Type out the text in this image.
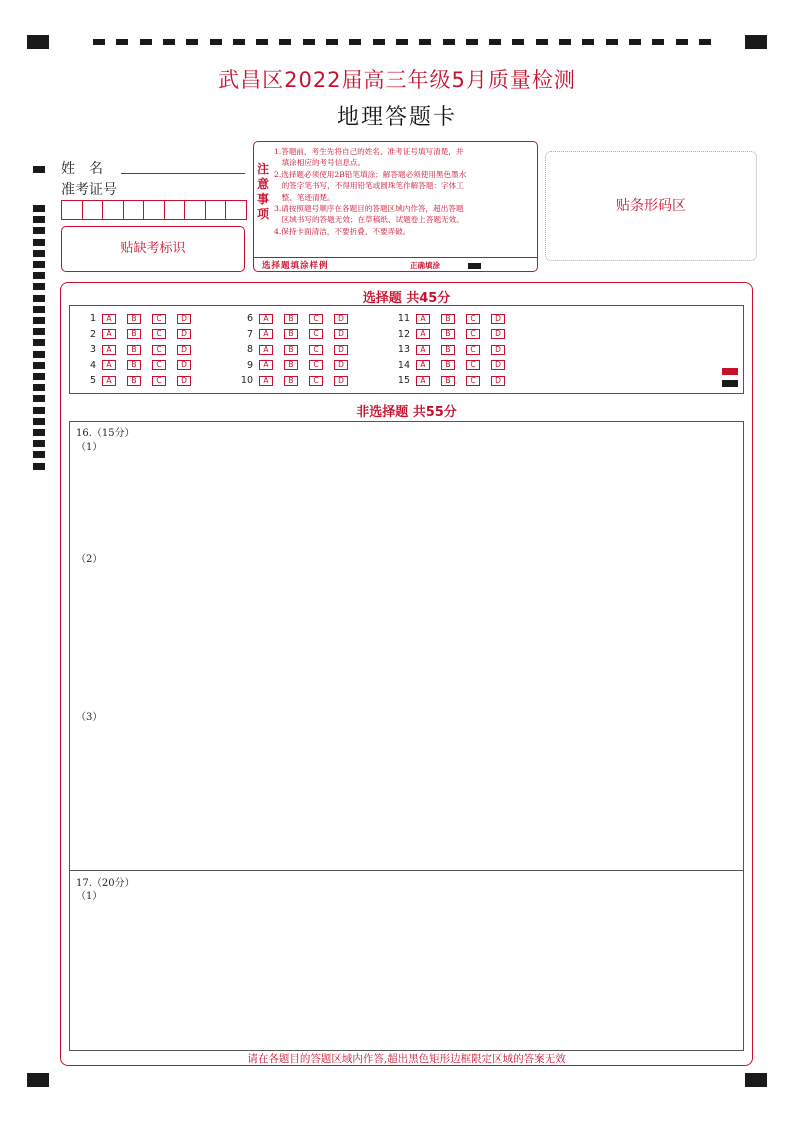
武昌区2022届高三年级5月质量检测
地理答题卡
姓　名
准考证号
贴缺考标识
注意事项
1.答题前，考生先将自己的姓名、准考证号填写清楚，并
　填涂相应的考号信息点。
2.选择题必须使用2B铅笔填涂；解答题必须使用黑色墨水
　的签字笔书写，不得用铅笔或圆珠笔作解答题：字体工
　整、笔迹清楚。
3.请按照题号顺序在各题目的答题区域内作答，超出答题
　区域书写的答题无效；在草稿纸、试题卷上答题无效。
4.保持卡面清洁，不要折叠、不要弄破。
选择题填涂样例	正确填涂
贴条形码区
选择题 共45分
1	A	B	C	D
2	A	B	C	D
3	A	B	C	D
4	A	B	C	D
5	A	B	C	D
6	A	B	C	D
7	A	B	C	D
8	A	B	C	D
9	A	B	C	D
10	A	B	C	D
11	A	B	C	D
12	A	B	C	D
13	A	B	C	D
14	A	B	C	D
15	A	B	C	D
非选择题 共55分
16.（15分）
（1）
（2）
（3）
17.（20分）
（1）
请在各题目的答题区域内作答,超出黑色矩形边框限定区域的答案无效
